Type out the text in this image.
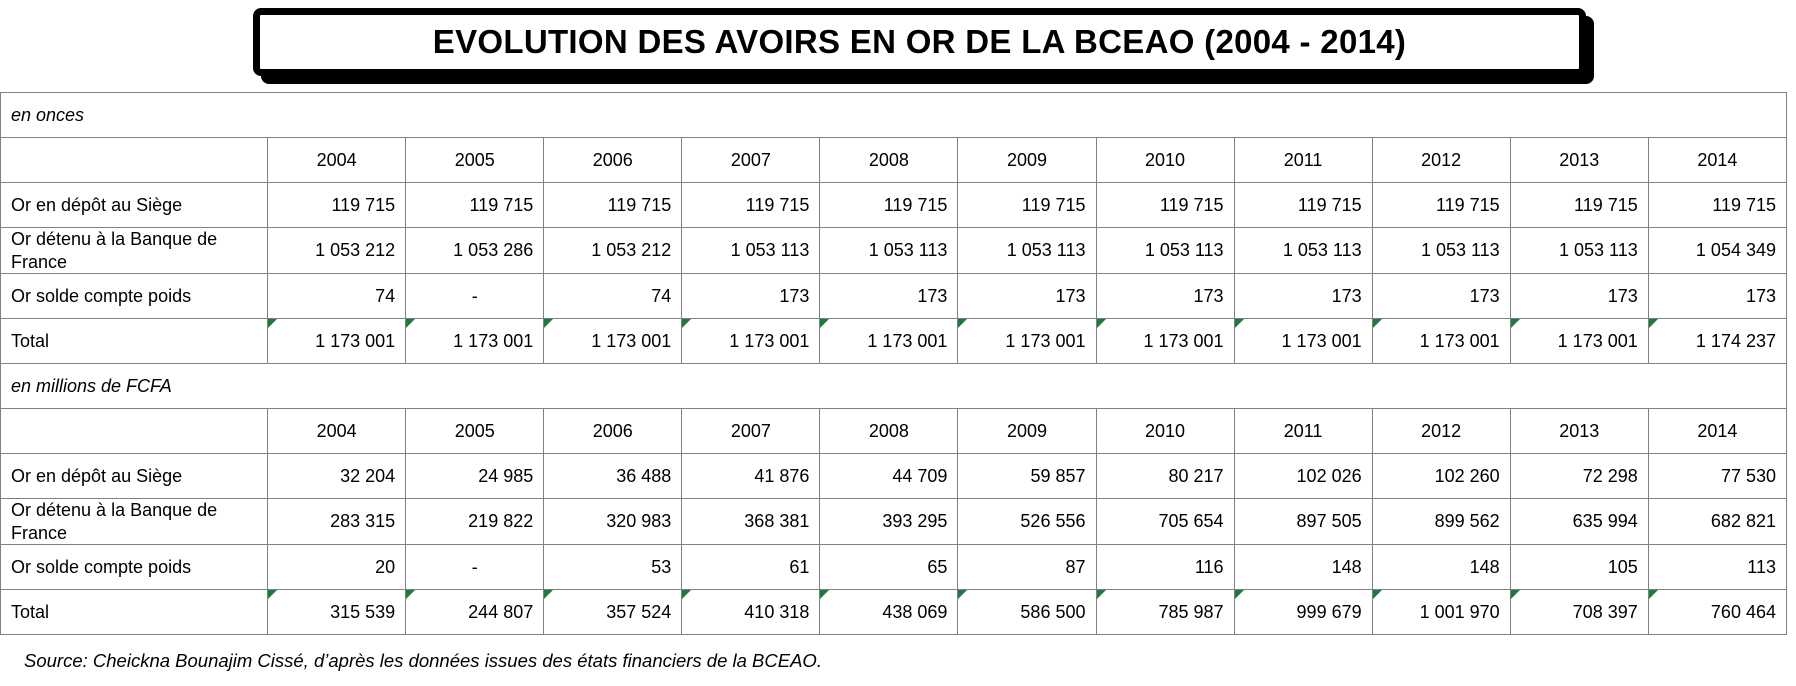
EVOLUTION DES AVOIRS EN OR DE LA BCEAO (2004 - 2014)
en onces											
	2004	2005	2006	2007	2008	2009	2010	2011	2012	2013	2014
Or en dépôt au Siège	119 715	119 715	119 715	119 715	119 715	119 715	119 715	119 715	119 715	119 715	119 715
Or détenu à la Banque de France	1 053 212	1 053 286	1 053 212	1 053 113	1 053 113	1 053 113	1 053 113	1 053 113	1 053 113	1 053 113	1 054 349
Or solde compte poids	74	-	74	173	173	173	173	173	173	173	173
Total	1 173 001	1 173 001	1 173 001	1 173 001	1 173 001	1 173 001	1 173 001	1 173 001	1 173 001	1 173 001	1 174 237
en millions de FCFA											
	2004	2005	2006	2007	2008	2009	2010	2011	2012	2013	2014
Or en dépôt au Siège	32 204	24 985	36 488	41 876	44 709	59 857	80 217	102 026	102 260	72 298	77 530
Or détenu à la Banque de France	283 315	219 822	320 983	368 381	393 295	526 556	705 654	897 505	899 562	635 994	682 821
Or solde compte poids	20	-	53	61	65	87	116	148	148	105	113
Total	315 539	244 807	357 524	410 318	438 069	586 500	785 987	999 679	1 001 970	708 397	760 464
Source: Cheickna Bounajim Cissé, d’après les données issues des états financiers de la BCEAO.
